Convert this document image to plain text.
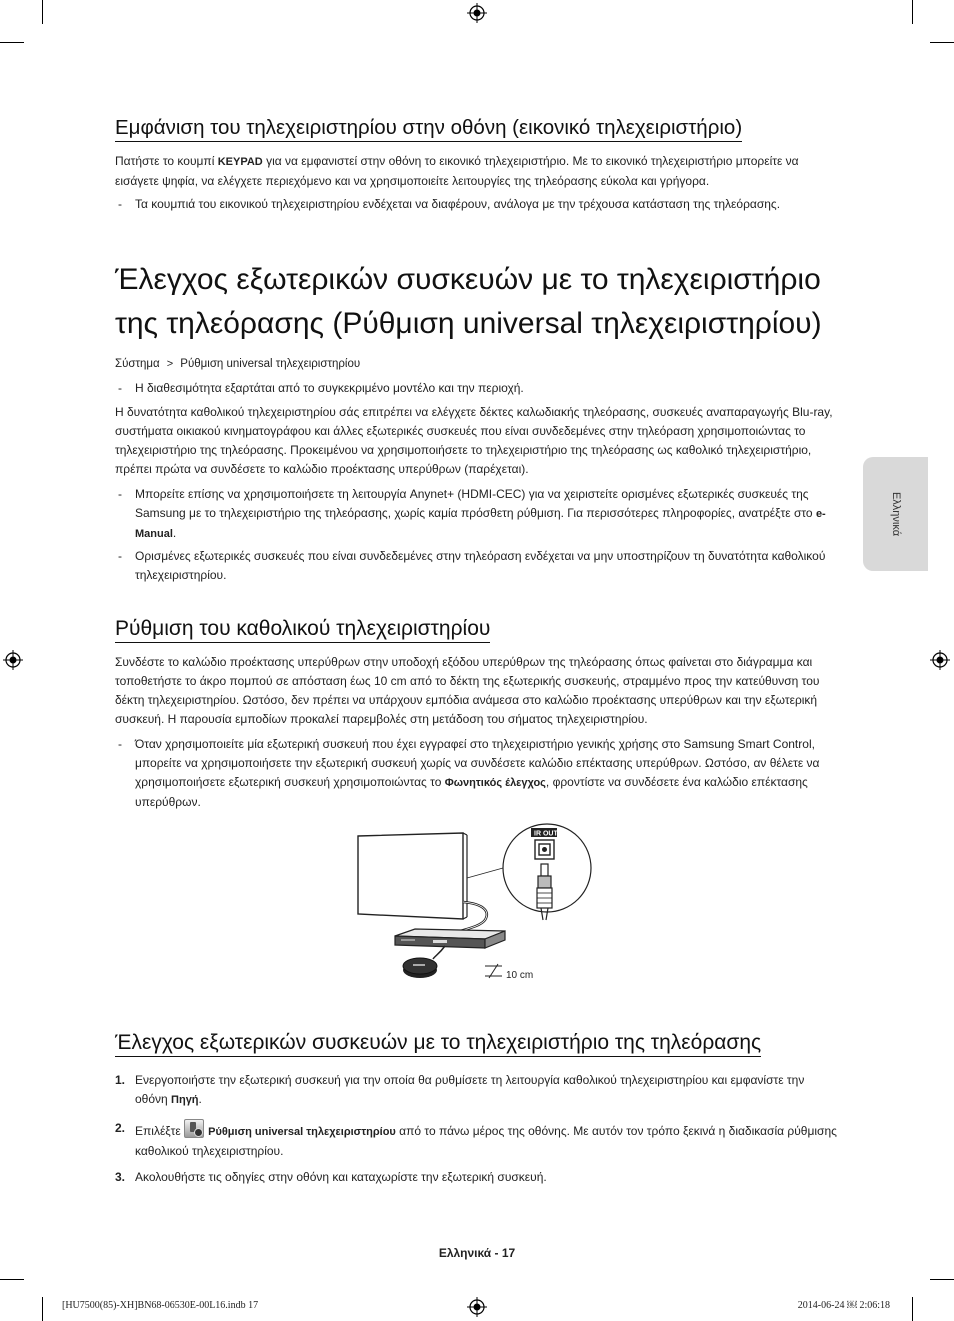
Εμφάνιση του τηλεχειριστηρίου στην οθόνη (εικονικό τηλεχειριστήριο)

Πατήστε το κουμπί KEYPAD για να εμφανιστεί στην οθόνη το εικονικό τηλεχειριστήριο. Με το εικονικό τηλεχειριστήριο μπορείτε να εισάγετε ψηφία, να ελέγχετε περιεχόμενο και να χρησιμοποιείτε λειτουργίες της τηλεόρασης εύκολα και γρήγορα.

- Τα κουμπιά του εικονικού τηλεχειριστηρίου ενδέχεται να διαφέρουν, ανάλογα με την τρέχουσα κατάσταση της τηλεόρασης.

Έλεγχος εξωτερικών συσκευών με το τηλεχειριστήριο της τηλεόρασης (Ρύθμιση universal τηλεχειριστηρίου)
Σύστημα > Ρύθμιση universal τηλεχειριστηρίου

- Η διαθεσιμότητα εξαρτάται από το συγκεκριμένο μοντέλο και την περιοχή.

Η δυνατότητα καθολικού τηλεχειριστηρίου σάς επιτρέπει να ελέγχετε δέκτες καλωδιακής τηλεόρασης, συσκευές αναπαραγωγής Blu-ray, συστήματα οικιακού κινηματογράφου και άλλες εξωτερικές συσκευές που είναι συνδεδεμένες στην τηλεόραση χρησιμοποιώντας το τηλεχειριστήριο της τηλεόρασης. Προκειμένου να χρησιμοποιήσετε το τηλεχειριστήριο της τηλεόρασης ως καθολικό τηλεχειριστήριο, πρέπει πρώτα να συνδέσετε το καλώδιο προέκτασης υπερύθρων (παρέχεται).

- Μπορείτε επίσης να χρησιμοποιήσετε τη λειτουργία Anynet+ (HDMI-CEC) για να χειριστείτε ορισμένες εξωτερικές συσκευές της Samsung με το τηλεχειριστήριο της τηλεόρασης, χωρίς καμία πρόσθετη ρύθμιση. Για περισσότερες πληροφορίες, ανατρέξτε στο e-Manual.

- Ορισμένες εξωτερικές συσκευές που είναι συνδεδεμένες στην τηλεόραση ενδέχεται να μην υποστηρίζουν τη δυνατότητα καθολικού τηλεχειριστηρίου.

Ρύθμιση του καθολικού τηλεχειριστηρίου

Συνδέστε το καλώδιο προέκτασης υπερύθρων στην υποδοχή εξόδου υπερύθρων της τηλεόρασης όπως φαίνεται στο διάγραμμα και τοποθετήστε το άκρο πομπού σε απόσταση έως 10 cm από το δέκτη της εξωτερικής συσκευής, στραμμένο προς την κατεύθυνση του δέκτη τηλεχειριστηρίου. Ωστόσο, δεν πρέπει να υπάρχουν εμπόδια ανάμεσα στο καλώδιο προέκτασης υπερύθρων και την εξωτερική συσκευή. Η παρουσία εμποδίων προκαλεί παρεμβολές στη μετάδοση του σήματος τηλεχειριστηρίου.

- Όταν χρησιμοποιείτε μία εξωτερική συσκευή που έχει εγγραφεί στο τηλεχειριστήριο γενικής χρήσης στο Samsung Smart Control, μπορείτε να χρησιμοποιήσετε την εξωτερική συσκευή χωρίς να συνδέσετε καλώδιο επέκτασης υπερύθρων. Ωστόσο, αν θέλετε να χρησιμοποιήσετε εξωτερική συσκευή χρησιμοποιώντας το Φωνητικός έλεγχος, φροντίστε να συνδέσετε ένα καλώδιο επέκτασης υπερύθρων.

10 cm
IR OUT
Έλεγχος εξωτερικών συσκευών με το τηλεχειριστήριο της τηλεόρασης

1. Ενεργοποιήστε την εξωτερική συσκευή για την οποία θα ρυθμίσετε τη λειτουργία καθολικού τηλεχειριστηρίου και εμφανίστε την οθόνη Πηγή.

2. Επιλέξτε
Ρύθμιση universal τηλεχειριστηρίου από το πάνω μέρος της οθόνης. Με αυτόν τον τρόπο ξεκινά η διαδικασία ρύθμισης καθολικού τηλεχειριστηρίου.

3. Ακολουθήστε τις οδηγίες στην οθόνη και καταχωρίστε την εξωτερική συσκευή.

Ελληνικά
Ελληνικά - 17
[HU7500(85)-XH]BN68-06530E-00L16.indb 17	2014-06-24 ￼ 2:06:18
